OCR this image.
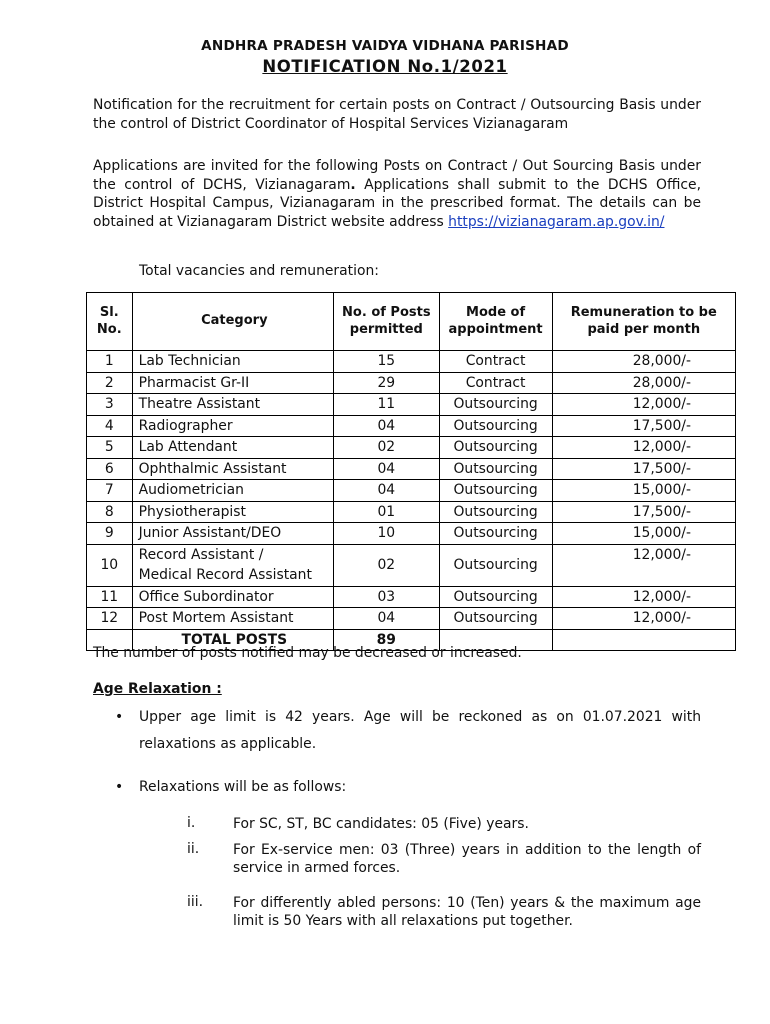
ANDHRA PRADESH VAIDYA VIDHANA PARISHAD
NOTIFICATION No.1/2021
Notification for the recruitment for certain posts on Contract / Outsourcing Basis under the control of District Coordinator of Hospital Services Vizianagaram
Applications are invited for the following Posts on Contract / Out Sourcing Basis under the control of DCHS, Vizianagaram. Applications shall submit to the DCHS Office, District Hospital Campus, Vizianagaram in the prescribed format. The details can be obtained at Vizianagaram District website address https://vizianagaram.ap.gov.in/
Total vacancies and remuneration:
Sl. No.	Category	No. of Posts permitted	Mode of appointment	Remuneration to be paid per month
1	Lab Technician	15	Contract	28,000/-
2	Pharmacist Gr-II	29	Contract	28,000/-
3	Theatre Assistant	11	Outsourcing	12,000/-
4	Radiographer	04	Outsourcing	17,500/-
5	Lab Attendant	02	Outsourcing	12,000/-
6	Ophthalmic Assistant	04	Outsourcing	17,500/-
7	Audiometrician	04	Outsourcing	15,000/-
8	Physiotherapist	01	Outsourcing	17,500/-
9	Junior Assistant/DEO	10	Outsourcing	15,000/-
10	Record Assistant /
Medical Record Assistant	02	Outsourcing	12,000/-
11	Office Subordinator	03	Outsourcing	12,000/-
12	Post Mortem Assistant	04	Outsourcing	12,000/-
	TOTAL POSTS	89		
The number of posts notified may be decreased or increased.
Age Relaxation :
• Upper age limit is 42 years. Age will be reckoned as on 01.07.2021 with relaxations as applicable.
• Relaxations will be as follows:
i.	For SC, ST, BC candidates: 05 (Five) years.
ii. For Ex-service men: 03 (Three) years in addition to the length of service in armed forces.
iii. For differently abled persons: 10 (Ten) years & the maximum age limit is 50 Years with all relaxations put together.
